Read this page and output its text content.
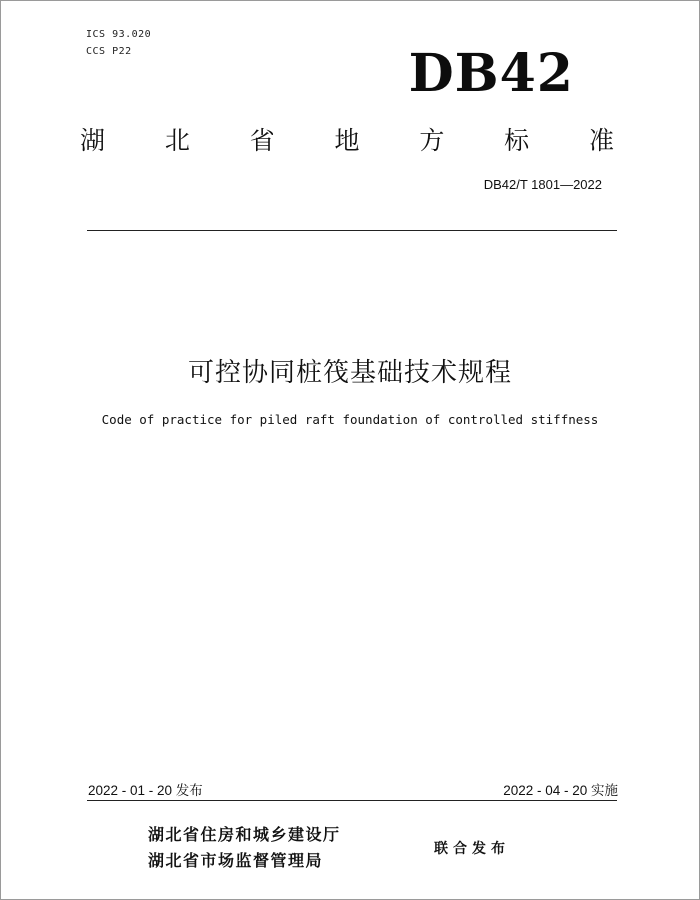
ICS 93.020
CCS P22	DB42
湖 北 省 地 方 标 准
DB42/T 1801—2022
可控协同桩筏基础技术规程
Code of practice for piled raft foundation of controlled stiffness
2022 - 01 - 20 发布	2022 - 04 - 20 实施
湖北省住房和城乡建设厅
湖北省市场监督管理局
联合发布
